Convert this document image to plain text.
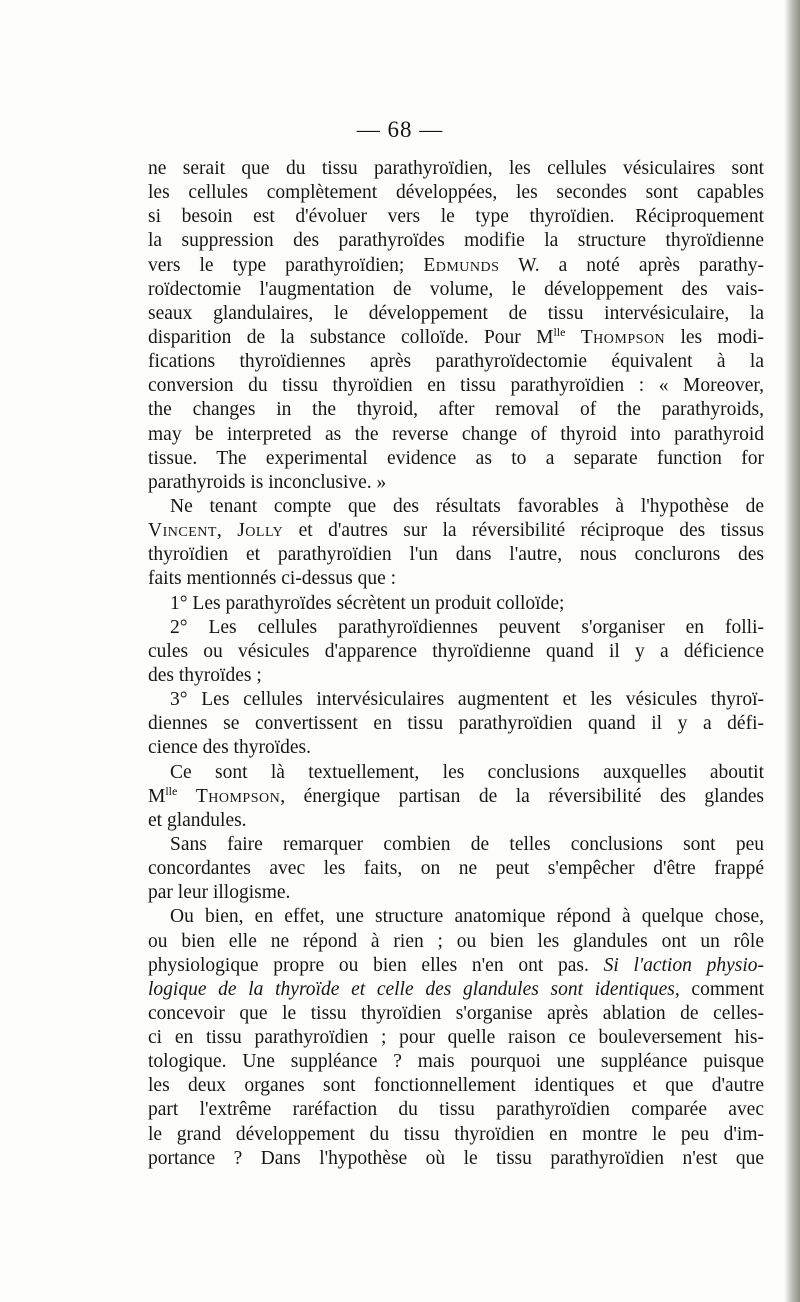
— 68 —

ne serait que du tissu parathyroïdien, les cellules vésiculaires sont

les cellules complètement développées, les secondes sont capables

si besoin est d'évoluer vers le type thyroïdien. Réciproquement

la suppression des parathyroïdes modifie la structure thyroïdienne

vers le type parathyroïdien; Edmunds W. a noté après parathy-

roïdectomie l'augmentation de volume, le développement des vais-

seaux glandulaires, le développement de tissu intervésiculaire, la

disparition de la substance colloïde. Pour $M^{lle}$ Thompson les modi-

fications thyroïdiennes après parathyroïdectomie équivalent à la

conversion du tissu thyroïdien en tissu parathyroïdien : « Moreover,

the changes in the thyroid, after removal of the parathyroids,

may be interpreted as the reverse change of thyroid into parathyroid

tissue. The experimental evidence as to a separate function for

parathyroids is inconclusive. »

Ne tenant compte que des résultats favorables à l'hypothèse de

Vincent, Jolly et d'autres sur la réversibilité réciproque des tissus

thyroïdien et parathyroïdien l'un dans l'autre, nous conclurons des

faits mentionnés ci-dessus que :

1° Les parathyroïdes sécrètent un produit colloïde;

2° Les cellules parathyroïdiennes peuvent s'organiser en folli-

cules ou vésicules d'apparence thyroïdienne quand il y a déficience

des thyroïdes ;

3° Les cellules intervésiculaires augmentent et les vésicules thyroï-

diennes se convertissent en tissu parathyroïdien quand il y a défi-

cience des thyroïdes.

Ce sont là textuellement, les conclusions auxquelles aboutit

$M^{lle}$ Thompson, énergique partisan de la réversibilité des glandes

et glandules.

Sans faire remarquer combien de telles conclusions sont peu

concordantes avec les faits, on ne peut s'empêcher d'être frappé

par leur illogisme.

Ou bien, en effet, une structure anatomique répond à quelque chose,

ou bien elle ne répond à rien ; ou bien les glandules ont un rôle

physiologique propre ou bien elles n'en ont pas. Si l'action physio-

logique de la thyroïde et celle des glandules sont identiques, comment

concevoir que le tissu thyroïdien s'organise après ablation de celles-

ci en tissu parathyroïdien ; pour quelle raison ce bouleversement his-

tologique. Une suppléance ? mais pourquoi une suppléance puisque

les deux organes sont fonctionnellement identiques et que d'autre

part l'extrême raréfaction du tissu parathyroïdien comparée avec

le grand développement du tissu thyroïdien en montre le peu d'im-

portance ? Dans l'hypothèse où le tissu parathyroïdien n'est que
